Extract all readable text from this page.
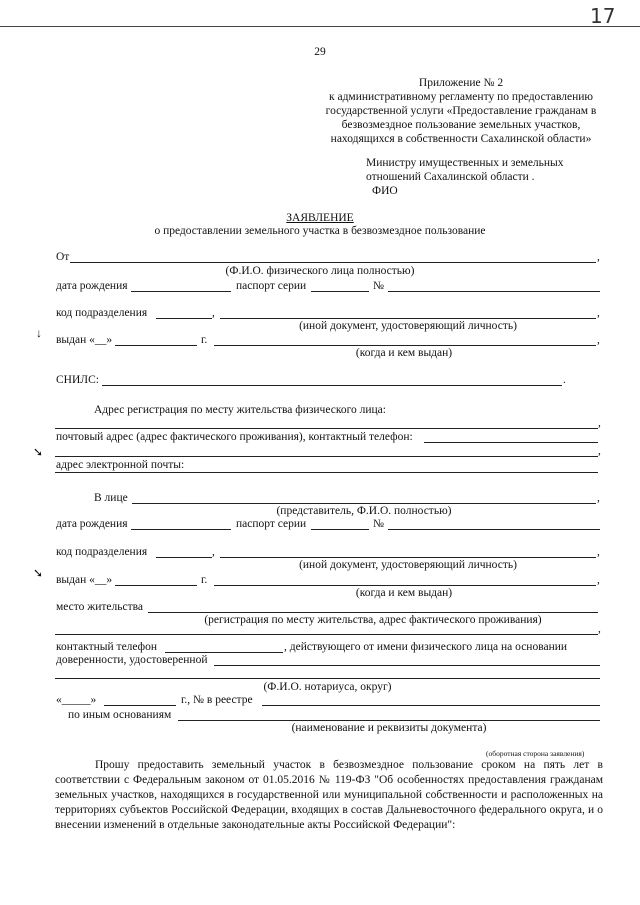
17
29
Приложение № 2
к административному регламенту по предоставлению
государственной услуги «Предоставление гражданам в
безвозмездное пользование земельных участков,
находящихся в собственности Сахалинской области»
Министру имущественных и земельных
отношений Сахалинской области .
ФИО
ЗАЯВЛЕНИЕ
о предоставлении земельного участка в безвозмездное пользование
От	,
(Ф.И.О. физического лица полностью)
дата рождения	паспорт серии	№
код подразделения	,	,
(иной документ, удостоверяющий личность)
↓ выдан «__»	г.	,
(когда и кем выдан)
СНИЛС:	.
Адрес регистрация по месту жительства физического лица:
,
почтовый адрес (адрес фактического проживания), контактный телефон:
,
➘
адрес электронной почты:
В лице	,
(представитель, Ф.И.О. полностью)
дата рождения	паспорт серии	№
код подразделения	,	,
(иной документ, удостоверяющий личность)
➘ выдан «__»	г.	,
(когда и кем выдан)
место жительства
(регистрация по месту жительства, адрес фактического проживания)
,
контактный телефон	, действующего от имени физического лица на основании
доверенности, удостоверенной
(Ф.И.О. нотариуса, округ)
«_____»	г., № в реестре
по иным основаниям
(наименование и реквизиты документа)
(оборотная сторона заявления)
Прошу предоставить земельный участок в безвозмездное пользование сроком на пять лет в соответствии с Федеральным законом от 01.05.2016 № 119-ФЗ "Об особенностях предоставления гражданам земельных участков, находящихся в государственной или муниципальной собственности и расположенных на территориях субъектов Российской Федерации, входящих в состав Дальневосточного федерального округа, и о внесении изменений в отдельные законодательные акты Российской Федерации":
